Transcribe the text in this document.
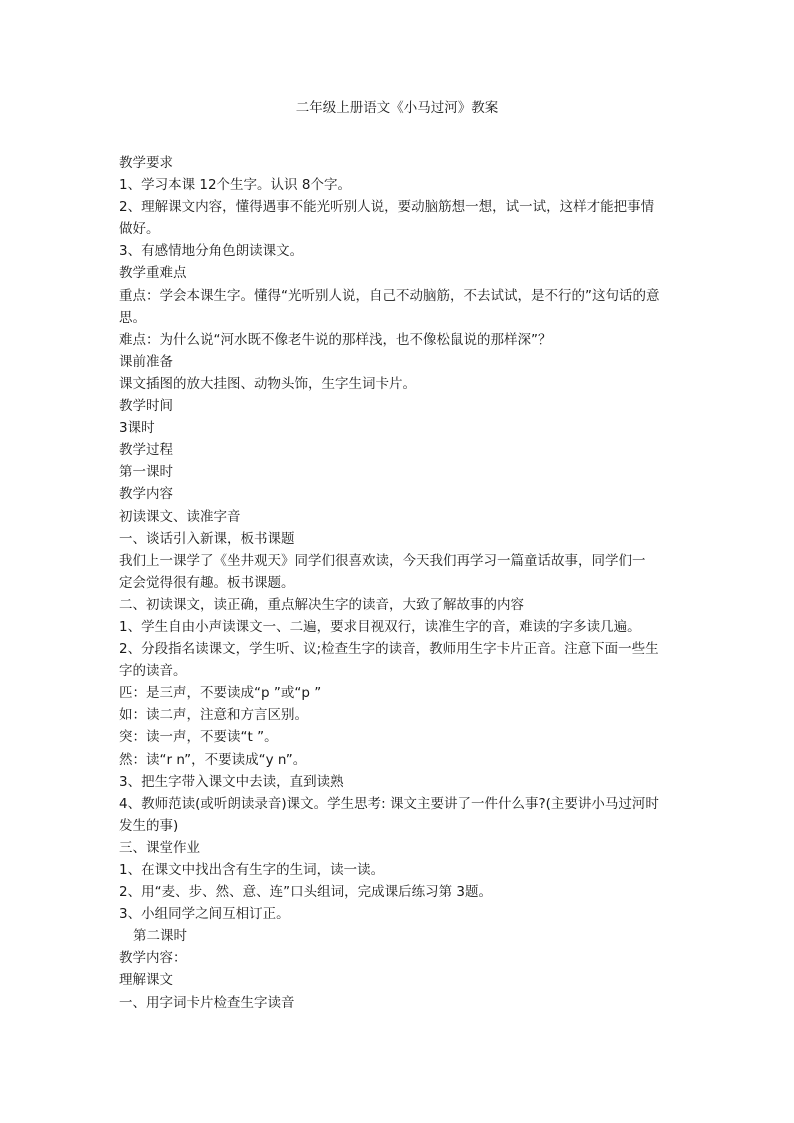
二年级上册语文《小马过河》教案
教学要求
1、学习本课 12个生字。认识 8个字。
2、理解课文内容，懂得遇事不能光听别人说，要动脑筋想一想，试一试，这样才能把事情
做好。
3、有感情地分角色朗读课文。
教学重难点
重点：学会本课生字。懂得“光听别人说，自己不动脑筋，不去试试，是不行的”这句话的意
思。
难点：为什么说“河水既不像老牛说的那样浅，也不像松鼠说的那样深”？
课前准备
课文插图的放大挂图、动物头饰，生字生词卡片。
教学时间
3课时
教学过程
第一课时
教学内容
初读课文、读准字音
一、谈话引入新课，板书课题
我们上一课学了《坐井观天》同学们很喜欢读，今天我们再学习一篇童话故事，同学们一
定会觉得很有趣。板书课题。
二、初读课文，读正确，重点解决生字的读音，大致了解故事的内容
1、学生自由小声读课文一、二遍，要求目视双行，读准生字的音，难读的字多读几遍。
2、分段指名读课文，学生听、议;检查生字的读音，教师用生字卡片正音。注意下面一些生
字的读音。
匹：是三声，不要读成“p ”或“p ”
如：读二声，注意和方言区别。
突：读一声，不要读“t ”。
然：读“r n”，不要读成“y n”。
3、把生字带入课文中去读，直到读熟
4、教师范读(或听朗读录音)课文。学生思考: 课文主要讲了一件什么事?(主要讲小马过河时
发生的事)
三、课堂作业
1、在课文中找出含有生字的生词，读一读。
2、用“麦、步、然、意、连”口头组词，完成课后练习第 3题。
3、小组同学之间互相订正。
第二课时
教学内容：
理解课文
一、用字词卡片检查生字读音
